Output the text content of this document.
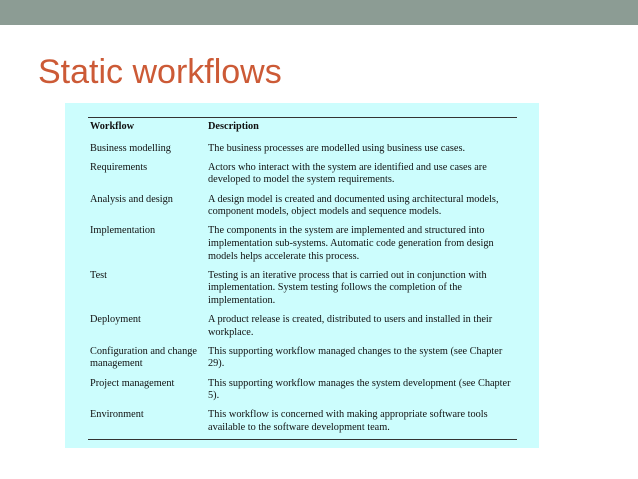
Static workflows
Workflow	Description
Business modelling	The business processes are modelled using business use cases.
Requirements	Actors who interact with the system are identified and use cases are developed to model the system requirements.
Analysis and design	A design model is created and documented using architectural models, component models, object models and sequence models.
Implementation	The components in the system are implemented and structured into implementation sub-systems. Automatic code generation from design models helps accelerate this process.
Test	Testing is an iterative process that is carried out in conjunction with implementation. System testing follows the completion of the implementation.
Deployment	A product release is created, distributed to users and installed in their workplace.
Configuration and change management	This supporting workflow managed changes to the system (see Chapter 29).
Project management	This supporting workflow manages the system development (see Chapter 5).
Environment	This workflow is concerned with making appropriate software tools available to the software development team.
